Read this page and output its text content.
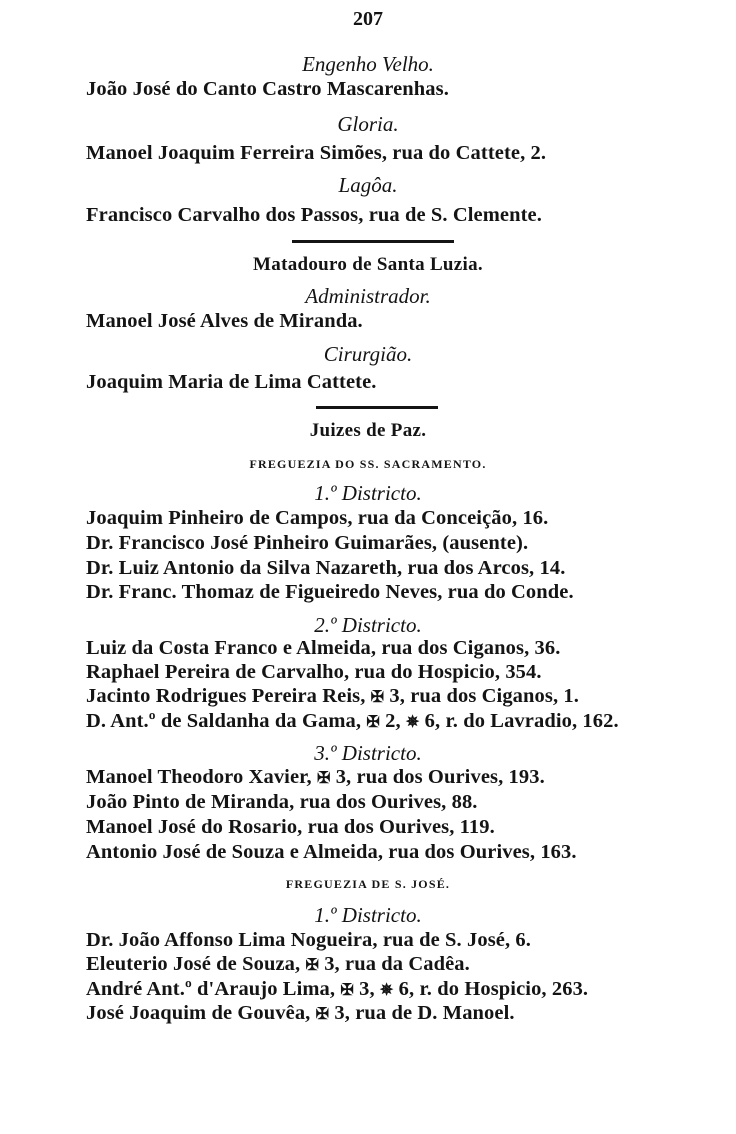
207
Engenho Velho.
João José do Canto Castro Mascarenhas.
Gloria.
Manoel Joaquim Ferreira Simões, rua do Cattete, 2.
Lagôa.
Francisco Carvalho dos Passos, rua de S. Clemente.
Matadouro de Santa Luzia.
Administrador.
Manoel José Alves de Miranda.
Cirurgião.
Joaquim Maria de Lima Cattete.
Juizes de Paz.
FREGUEZIA DO SS. SACRAMENTO.
1.º Districto.
Joaquim Pinheiro de Campos, rua da Conceição, 16.
Dr. Francisco José Pinheiro Guimarães, (ausente).
Dr. Luiz Antonio da Silva Nazareth, rua dos Arcos, 14.
Dr. Franc. Thomaz de Figueiredo Neves, rua do Conde.
2.º Districto.
Luiz da Costa Franco e Almeida, rua dos Ciganos, 36.
Raphael Pereira de Carvalho, rua do Hospicio, 354.
Jacinto Rodrigues Pereira Reis, ✠ 3, rua dos Ciganos, 1.
D. Ant.º de Saldanha da Gama, ✠ 2, ✵ 6, r. do Lavradio, 162.
3.º Districto.
Manoel Theodoro Xavier, ✠ 3, rua dos Ourives, 193.
João Pinto de Miranda, rua dos Ourives, 88.
Manoel José do Rosario, rua dos Ourives, 119.
Antonio José de Souza e Almeida, rua dos Ourives, 163.
FREGUEZIA DE S. JOSÉ.
1.º Districto.
Dr. João Affonso Lima Nogueira, rua de S. José, 6.
Eleuterio José de Souza, ✠ 3, rua da Cadêa.
André Ant.º d'Araujo Lima, ✠ 3, ✵ 6, r. do Hospicio, 263.
José Joaquim de Gouvêa, ✠ 3, rua de D. Manoel.
